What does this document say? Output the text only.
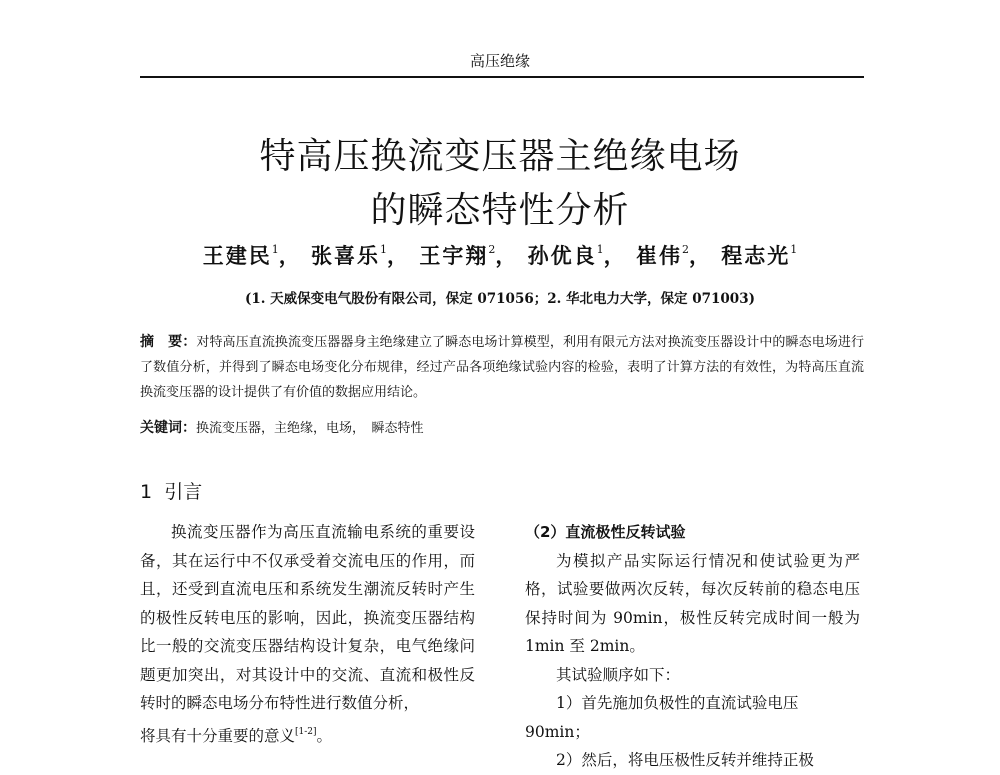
高压绝缘
特高压换流变压器主绝缘电场
的瞬态特性分析
王建民$^1$， 张喜乐$^1$， 王宇翔$^2$， 孙优良$^1$， 崔伟$^2$， 程志光$^1$
(1. 天威保变电气股份有限公司，保定 071056；2. 华北电力大学，保定 071003)
摘　要：对特高压直流换流变压器器身主绝缘建立了瞬态电场计算模型，利用有限元方法对换流变压器设计中的瞬态电场进行了数值分析，并得到了瞬态电场变化分布规律，经过产品各项绝缘试验内容的检验，表明了计算方法的有效性，为特高压直流换流变压器的设计提供了有价值的数据应用结论。
关键词：换流变压器，主绝缘，电场，　瞬态特性
1 引言

换流变压器作为高压直流输电系统的重要设备，其在运行中不仅承受着交流电压的作用，而且，还受到直流电压和系统发生潮流反转时产生的极性反转电压的影响，因此，换流变压器结构比一般的交流变压器结构设计复杂，电气绝缘问题更加突出，对其设计中的交流、直流和极性反转时的瞬态电场分布特性进行数值分析，

将具有十分重要的意义[1-2]。

（2）直流极性反转试验

为模拟产品实际运行情况和使试验更为严格，试验要做两次反转，每次反转前的稳态电压保持时间为 90min，极性反转完成时间一般为 1min 至 2min。

其试验顺序如下：

1）首先施加负极性的直流试验电压

90min；

2）然后，将电压极性反转并维持正极
